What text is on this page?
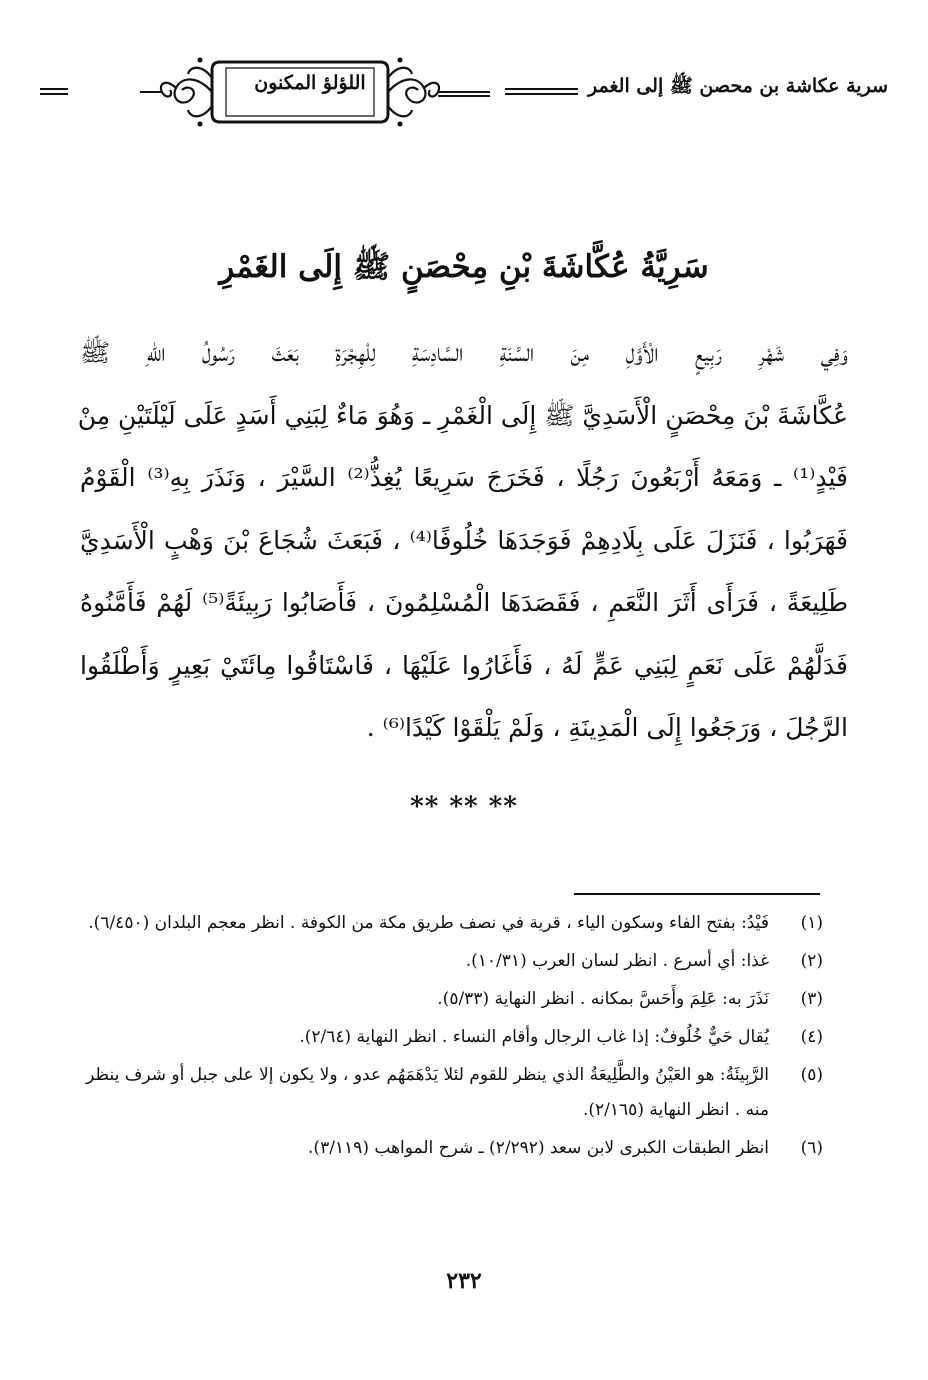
سرية عكاشة بن محصن ﷺ إلى الغمر
اللؤلؤ المكنون
سَرِيَّةُ عُكَّاشَةَ بْنِ مِحْصَنٍ ﷺ إِلَى الغَمْرِ
وَفِي شَهْرِ رَبِيعٍ الْأَوَّلِ مِنَ السَّنَةِ السَّادِسَةِ لِلْهِجْرَةِ بَعَثَ رَسُولُ اللهِ ﷺ
عُكَّاشَةَ بْنَ مِحْصَنٍ الْأَسَدِيَّ ﷺ إِلَى الْغَمْرِ ـ وَهُوَ مَاءٌ لِبَنِي أَسَدٍ عَلَى لَيْلَتَيْنِ مِنْ
فَيْدٍ⁽¹⁾ ـ وَمَعَهُ أَرْبَعُونَ رَجُلًا ، فَخَرَجَ سَرِيعًا يُغِذُّ⁽²⁾ السَّيْرَ ، وَنَذَرَ بِهِ⁽³⁾ الْقَوْمُ
فَهَرَبُوا ، فَنَزَلَ عَلَى بِلَادِهِمْ فَوَجَدَهَا خُلُوفًا⁽⁴⁾ ، فَبَعَثَ شُجَاعَ بْنَ وَهْبٍ الْأَسَدِيَّ
طَلِيعَةً ، فَرَأَى أَثَرَ النَّعَمِ ، فَقَصَدَهَا الْمُسْلِمُونَ ، فَأَصَابُوا رَبِيئَةً⁽⁵⁾ لَهُمْ فَأَمَّنُوهُ
فَدَلَّهُمْ عَلَى نَعَمٍ لِبَنِي عَمٍّ لَهُ ، فَأَغَارُوا عَلَيْهَا ، فَاسْتَاقُوا مِائَتَيْ بَعِيرٍ وَأَطْلَقُوا
الرَّجُلَ ، وَرَجَعُوا إِلَى الْمَدِينَةِ ، وَلَمْ يَلْقَوْا كَيْدًا⁽⁶⁾ .
** ** **
(١)
فَيْدُ: بفتح الفاء وسكون الياء ، قرية في نصف طريق مكة من الكوفة . انظر معجم البلدان (٦/٤٥٠).
(٢)
غذا: أي أسرع . انظر لسان العرب (١٠/٣١).
(٣)
نَذَرَ به: عَلِمَ وأَحَسَّ بمكانه . انظر النهاية (٥/٣٣).
(٤)
يُقال حَيٌّ خُلُوفٌ: إذا غاب الرجال وأقام النساء . انظر النهاية (٢/٦٤).
(٥)
الرَّبِيئَةُ: هو العَيْنُ والطَّلِيعَةُ الذي ينظر للقوم لئلا يَدْهَمَهُم عدو ، ولا يكون إلا على جبل أو شرف ينظر منه . انظر النهاية (٢/١٦٥).
(٦)
انظر الطبقات الكبرى لابن سعد (٢/٢٩٢) ـ شرح المواهب (٣/١١٩).
٢٣٢
